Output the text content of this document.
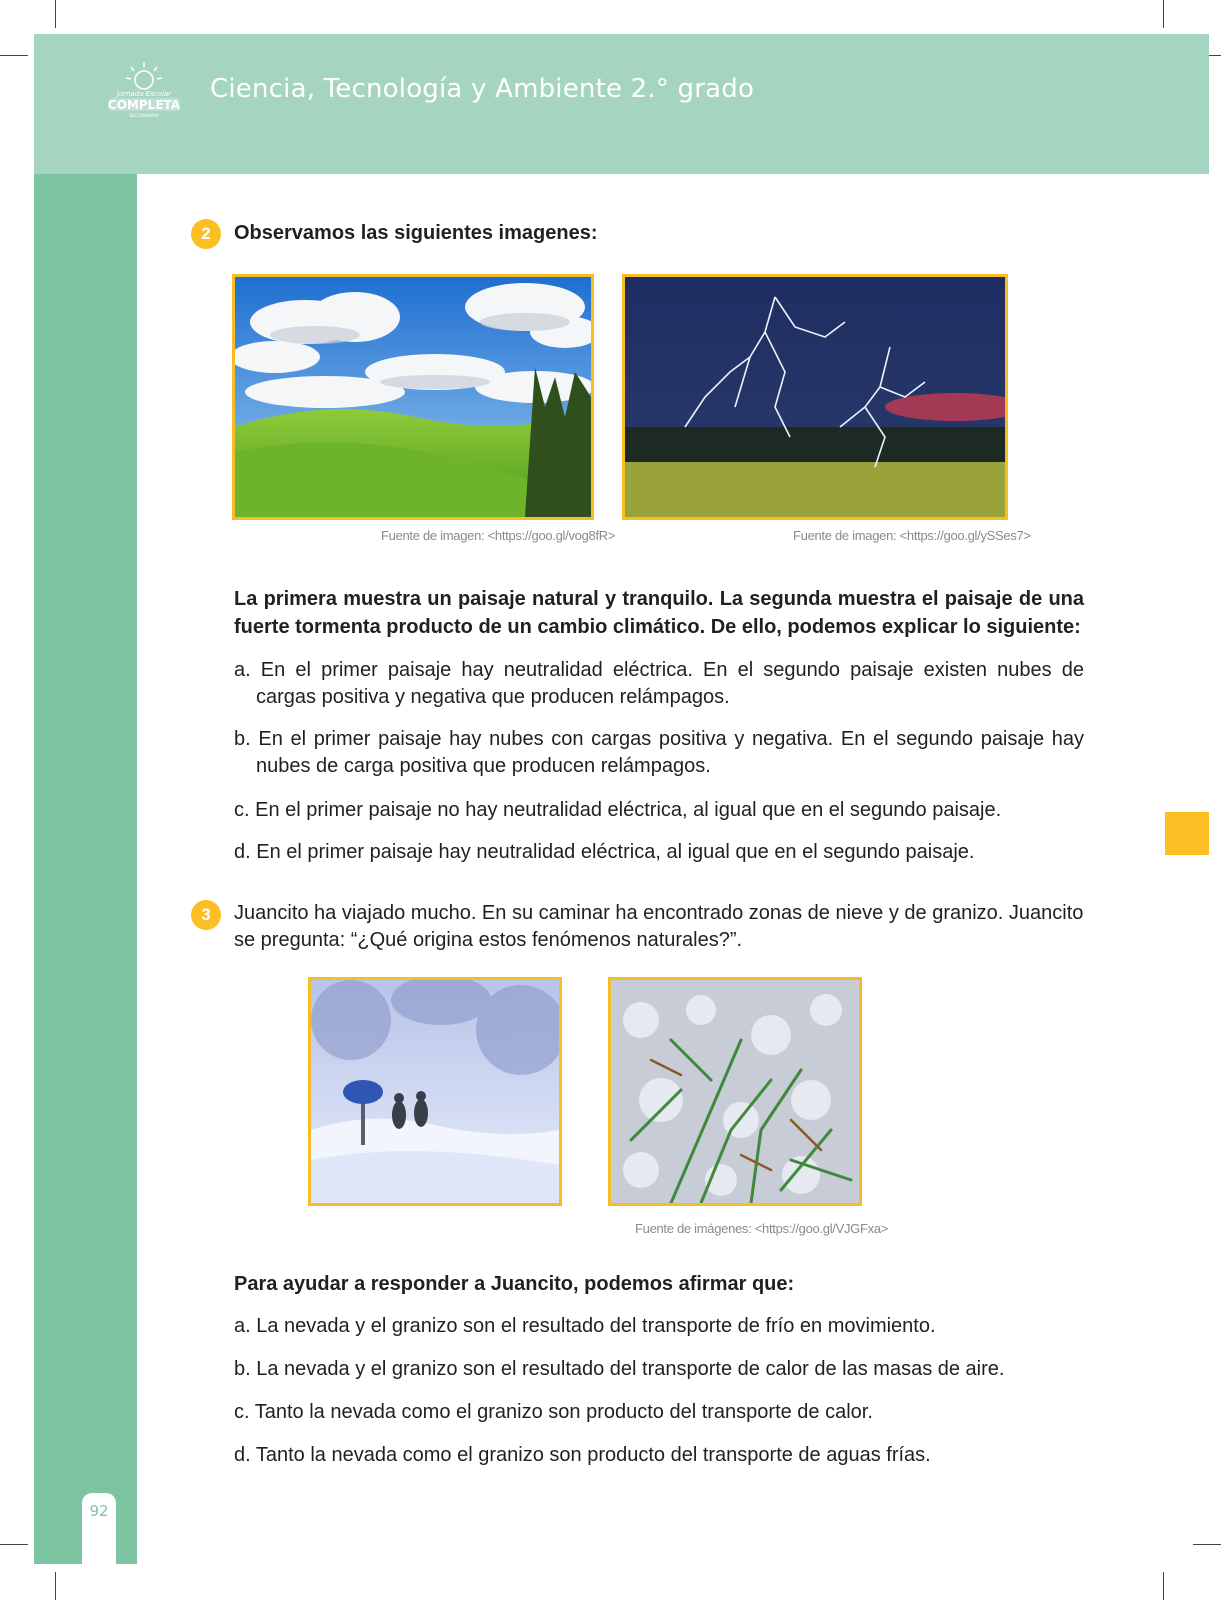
Jornada Escolar
COMPLETA
SECUNDARIA
Ciencia, Tecnología y Ambiente 2.° grado
92
2	Observamos las siguientes imagenes:
Fuente de imagen: <https://goo.gl/vog8fR>	Fuente de imagen: <https://goo.gl/ySSes7>
La primera muestra un paisaje natural y tranquilo. La segunda muestra el paisaje de una fuerte tormenta producto de un cambio climático. De ello, podemos explicar lo siguiente:
a. En el primer paisaje hay neutralidad eléctrica. En el segundo paisaje existen nubes de cargas positiva y negativa que producen relámpagos.
b. En el primer paisaje hay nubes con cargas positiva y negativa. En el segundo paisaje hay nubes de carga positiva que producen relámpagos.
c. En el primer paisaje no hay neutralidad eléctrica, al igual que en el segundo paisaje.
d. En el primer paisaje hay neutralidad eléctrica, al igual que en el segundo paisaje.
3	Juancito ha viajado mucho. En su caminar ha encontrado zonas de nieve y de granizo. Juancito se pregunta: “¿Qué origina estos fenómenos naturales?”.
Fuente de imágenes: <https://goo.gl/VJGFxa>
Para ayudar a responder a Juancito, podemos afirmar que:
a. La nevada y el granizo son el resultado del transporte de frío en movimiento.
b. La nevada y el granizo son el resultado del transporte de calor de las masas de aire.
c. Tanto la nevada como el granizo son producto del transporte de calor.
d. Tanto la nevada como el granizo son producto del transporte de aguas frías.
